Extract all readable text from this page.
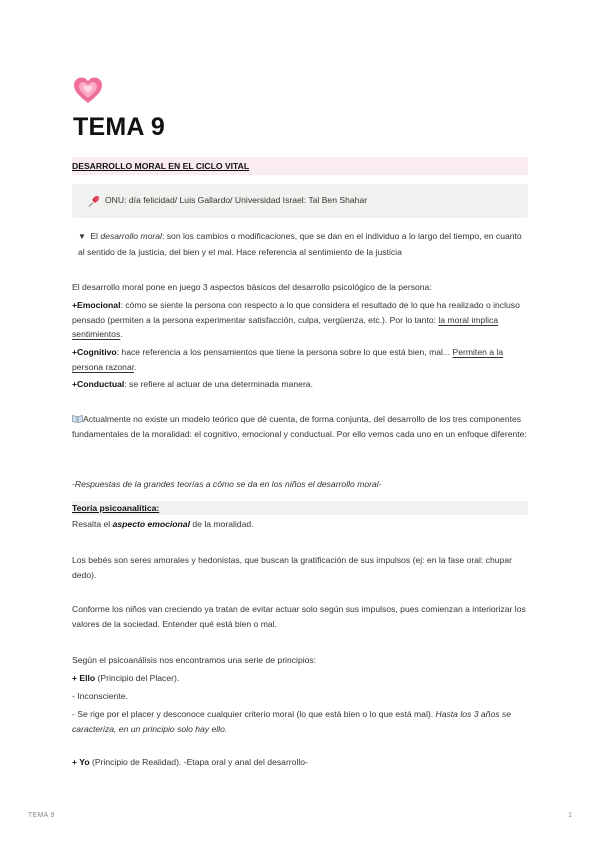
TEMA 9
DESARROLLO MORAL EN EL CICLO VITAL
ONU: día felicidad/ Luis Gallardo/ Universidad Israel: Tal Ben Shahar
▼ El desarrollo moral: son los cambios o modificaciones, que se dan en el individuo a lo largo del tiempo, en cuanto al sentido de la justicia, del bien y el mal. Hace referencia al sentimiento de la justicia
El desarrollo moral pone en juego 3 aspectos básicos del desarrollo psicológico de la persona:
+Emocional: cómo se siente la persona con respecto a lo que considera el resultado de lo que ha realizado o incluso pensado (permiten a la persona experimentar satisfacción, culpa, vergüenza, etc.). Por lo tanto: la moral implica sentimientos.
+Cognitivo: hace referencia a los pensamientos que tiene la persona sobre lo que está bien, mal... Permiten a la persona razonar.
+Conductual: se refiere al actuar de una determinada manera.
Actualmente no existe un modelo teórico que dé cuenta, de forma conjunta, del desarrollo de los tres componentes fundamentales de la moralidad: el cognitivo, emocional y conductual. Por ello vemos cada uno en un enfoque diferente:
-Respuestas de la grandes teorías a cómo se da en los niños el desarrollo moral-
Teoría psicoanalítica:
Resalta el aspecto emocional de la moralidad.
Los bebés son seres amorales y hedonistas, que buscan la gratificación de sus impulsos (ej: en la fase oral: chupar dedo).
Conforme los niños van creciendo ya tratan de evitar actuar solo según sus impulsos, pues comienzan a interiorizar los valores de la sociedad. Entender qué está bien o mal.
Según el psicoanálisis nos encontramos una serie de principios:
+ Ello (Principio del Placer).
- Inconsciente.
- Se rige por el placer y desconoce cualquier criterio moral (lo que está bien o lo que está mal). Hasta los 3 años se caracteriza, en un principio solo hay ello.
+ Yo (Principio de Realidad). -Etapa oral y anal del desarrollo-
TEMA 9	1
